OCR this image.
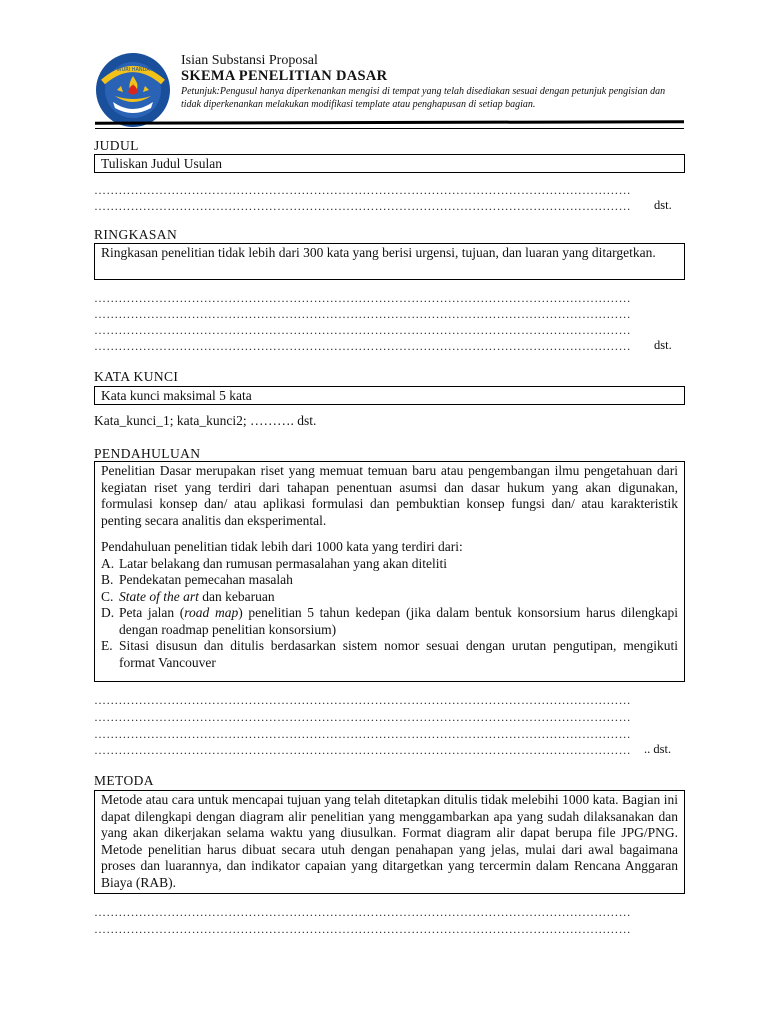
TUT WURI HANDAYANI
Isian Substansi Proposal
SKEMA PENELITIAN DASAR
Petunjuk:Pengusul hanya diperkenankan mengisi di tempat yang telah disediakan sesuai dengan petunjuk pengisian dan tidak diperkenankan melakukan modifikasi template atau penghapusan di setiap bagian.
JUDUL
Tuliskan Judul Usulan
……………………………………………………………………………………………………………………
……………………………………………………………………………………………………………………	dst.
RINGKASAN
Ringkasan penelitian tidak lebih dari 300 kata yang berisi urgensi, tujuan, dan luaran yang ditargetkan.
……………………………………………………………………………………………………………………
……………………………………………………………………………………………………………………
……………………………………………………………………………………………………………………
……………………………………………………………………………………………………………………	dst.
KATA KUNCI
Kata kunci maksimal 5 kata
Kata_kunci_1; kata_kunci2; ………. dst.
PENDAHULUAN
Penelitian Dasar merupakan riset yang memuat temuan baru atau pengembangan ilmu pengetahuan dari kegiatan riset yang terdiri dari tahapan penentuan asumsi dan dasar hukum yang akan digunakan, formulasi konsep dan/ atau aplikasi formulasi dan pembuktian konsep fungsi dan/ atau karakteristik penting secara analitis dan eksperimental.
Pendahuluan penelitian tidak lebih dari 1000 kata yang terdiri dari:
A. Latar belakang dan rumusan permasalahan yang akan diteliti
B. Pendekatan pemecahan masalah
C. State of the art dan kebaruan
D. Peta jalan (road map) penelitian 5 tahun kedepan (jika dalam bentuk konsorsium harus dilengkapi dengan roadmap penelitian konsorsium)
E. Sitasi disusun dan ditulis berdasarkan sistem nomor sesuai dengan urutan pengutipan, mengikuti format Vancouver
……………………………………………………………………………………………………………………
……………………………………………………………………………………………………………………
……………………………………………………………………………………………………………………
……………………………………………………………………………………………………………………	.. dst.
METODA
Metode atau cara untuk mencapai tujuan yang telah ditetapkan ditulis tidak melebihi 1000 kata. Bagian ini dapat dilengkapi dengan diagram alir penelitian yang menggambarkan apa yang sudah dilaksanakan dan yang akan dikerjakan selama waktu yang diusulkan. Format diagram alir dapat berupa file JPG/PNG. Metode penelitian harus dibuat secara utuh dengan penahapan yang jelas, mulai dari awal bagaimana proses dan luarannya, dan indikator capaian yang ditargetkan yang tercermin dalam Rencana Anggaran Biaya (RAB).
……………………………………………………………………………………………………………………
……………………………………………………………………………………………………………………
